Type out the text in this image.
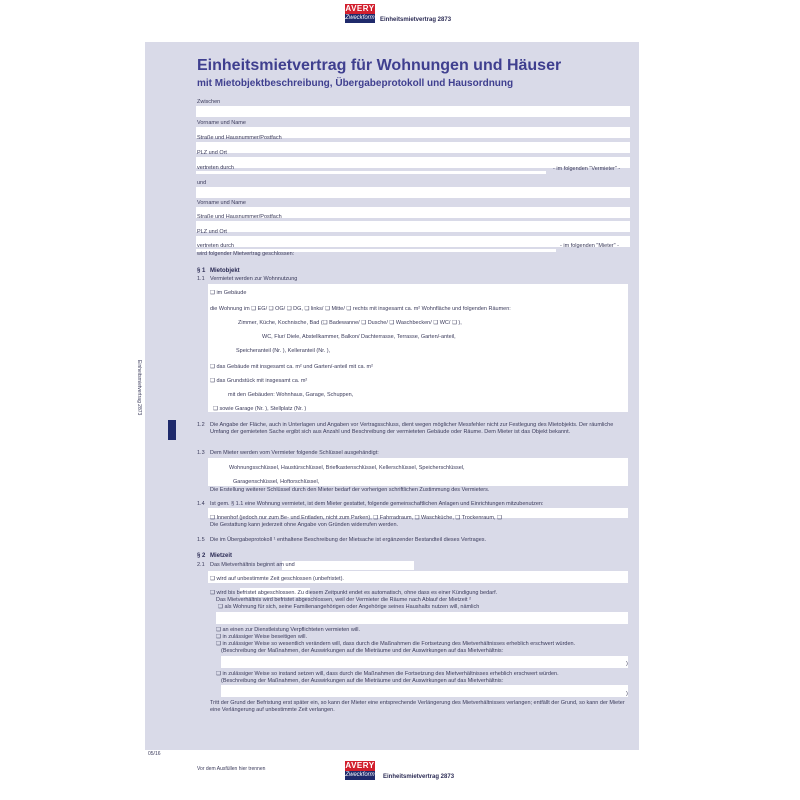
AVERY
Zweckform Einheitsmietvertrag 2873
Einheitsmietvertrag für Wohnungen und Häuser
mit Mietobjektbeschreibung, Übergabeprotokoll und Hausordnung
Zwischen
Vorname und Name
Straße und Hausnummer/Postfach
PLZ und Ort
vertreten durch	- im folgenden "Vermieter" -
und
Vorname und Name
Straße und Hausnummer/Postfach
PLZ und Ort
vertreten durch	- im folgenden "Mieter" -
wird folgender Mietvertrag geschlossen:
§ 1 Mietobjekt
1.1 Vermietet werden zur Wohnnutzung
❑ im Gebäude
die Wohnung im ❑ EG/ ❑ OG/ ❑ DG, ❑ links/ ❑ Mitte/ ❑ rechts mit insgesamt ca. m² Wohnfläche und folgenden Räumen:
Zimmer, Küche, Kochnische, Bad (❑ Badewanne/ ❑ Dusche/ ❑ Waschbecken/ ❑ WC/ ❑ ),
WC, Flur/ Diele, Abstellkammer, Balkon/ Dachterrasse, Terrasse, Garten/-anteil,
Speicheranteil (Nr. ), Kelleranteil (Nr. ),
❑ das Gebäude mit insgesamt ca. m² und Garten/-anteil mit ca. m²
❑ das Grundstück mit insgesamt ca. m²
mit den Gebäuden: Wohnhaus, Garage, Schuppen,
❑ sowie Garage (Nr. ), Stellplatz (Nr. )
1.2 Die Angabe der Fläche, auch in Unterlagen und Angaben vor Vertragsschluss, dient wegen möglicher Messfehler nicht zur Festlegung des Mietobjekts. Der räumliche Umfang der gemieteten Sache ergibt sich aus Anzahl und Beschreibung der vermieteten Gebäude oder Räume. Dem Mieter ist das Objekt bekannt.
1.3 Dem Mieter werden vom Vermieter folgende Schlüssel ausgehändigt:
Wohnungsschlüssel, Haustürschlüssel, Briefkastenschlüssel, Kellerschlüssel, Speicherschlüssel,
Garagenschlüssel, Hoftorschlüssel,
Die Erstellung weiterer Schlüssel durch den Mieter bedarf der vorherigen schriftlichen Zustimmung des Vermieters.
1.4 Ist gem. § 1.1 eine Wohnung vermietet, ist dem Mieter gestattet, folgende gemeinschaftlichen Anlagen und Einrichtungen mitzubenutzen:
❑ Innenhof (jedoch nur zum Be- und Entladen, nicht zum Parken), ❑ Fahrradraum, ❑ Waschküche, ❑ Trockenraum, ❑
Die Gestattung kann jederzeit ohne Angabe von Gründen widerrufen werden.
1.5 Die im Übergabeprotokoll ¹ enthaltene Beschreibung der Mietsache ist ergänzender Bestandteil dieses Vertrages.
§ 2 Mietzeit
2.1 Das Mietverhältnis beginnt am und
❑ wird auf unbestimmte Zeit geschlossen (unbefristet).
❑ wird bis befristet abgeschlossen. Zu diesem Zeitpunkt endet es automatisch, ohne dass es einer Kündigung bedarf.
Das Mietverhältnis wird befristet abgeschlossen, weil der Vermieter die Räume nach Ablauf der Mietzeit ²
❑ als Wohnung für sich, seine Familienangehörigen oder Angehörige seines Haushalts nutzen will, nämlich
❑ an einen zur Dienstleistung Verpflichteten vermieten will.
❑ in zulässiger Weise beseitigen will.
❑ in zulässiger Weise so wesentlich verändern will, dass durch die Maßnahmen die Fortsetzung des Mietverhältnisses erheblich erschwert würden.
(Beschreibung der Maßnahmen, der Auswirkungen auf die Mieträume und der Auswirkungen auf das Mietverhältnis:
)
❑ in zulässiger Weise so instand setzen will, dass durch die Maßnahmen die Fortsetzung des Mietverhältnisses erheblich erschwert würden.
(Beschreibung der Maßnahmen, der Auswirkungen auf die Mieträume und der Auswirkungen auf das Mietverhältnis:
)
Tritt der Grund der Befristung erst später ein, so kann der Mieter eine entsprechende Verlängerung des Mietverhältnisses verlangen; entfällt der Grund, so kann der Mieter eine Verlängerung auf unbestimmte Zeit verlangen.
Einheitsmietvertrag 2873
05/16
Vor dem Ausfüllen hier trennen	AVERY
Zweckform Einheitsmietvertrag 2873
